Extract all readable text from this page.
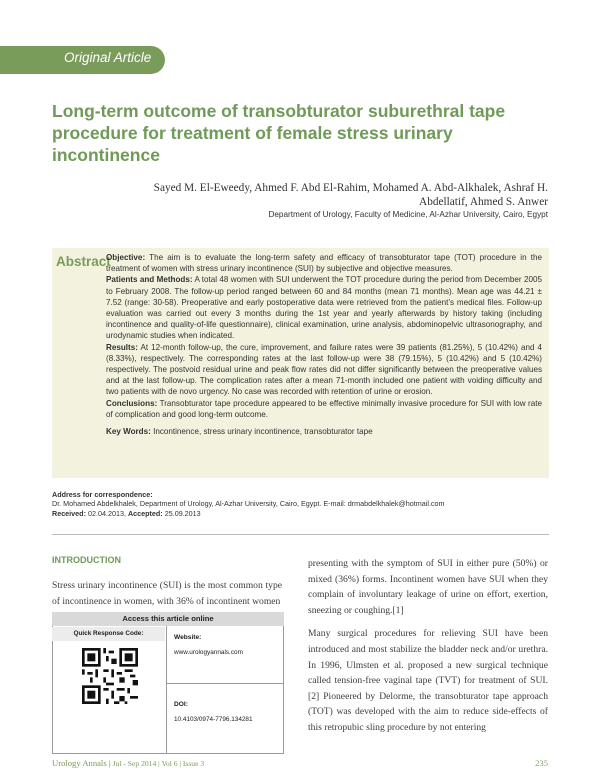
Original Article
Long-term outcome of transobturator suburethral tape procedure for treatment of female stress urinary incontinence
Sayed M. El-Eweedy, Ahmed F. Abd El-Rahim, Mohamed A. Abd-Alkhalek, Ashraf H. Abdellatif, Ahmed S. Anwer
Department of Urology, Faculty of Medicine, Al-Azhar University, Cairo, Egypt
Abstract

Objective: The aim is to evaluate the long-term safety and efficacy of transobturator tape (TOT) procedure in the treatment of women with stress urinary incontinence (SUI) by subjective and objective measures.

Patients and Methods: A total 48 women with SUI underwent the TOT procedure during the period from December 2005 to February 2008. The follow-up period ranged between 60 and 84 months (mean 71 months). Mean age was 44.21 ± 7.52 (range: 30-58). Preoperative and early postoperative data were retrieved from the patient’s medical files. Follow-up evaluation was carried out every 3 months during the 1st year and yearly afterwards by history taking (including incontinence and quality-of-life questionnaire), clinical examination, urine analysis, abdominopelvic ultrasonography, and urodynamic studies when indicated.

Results: At 12-month follow-up, the cure, improvement, and failure rates were 39 patients (81.25%), 5 (10.42%) and 4 (8.33%), respectively. The corresponding rates at the last follow-up were 38 (79.15%), 5 (10.42%) and 5 (10.42%) respectively. The postvoid residual urine and peak flow rates did not differ significantly between the preoperative values and at the last follow-up. The complication rates after a mean 71-month included one patient with voiding difficulty and two patients with de novo urgency. No case was recorded with retention of urine or erosion.

Conclusions: Transobturator tape procedure appeared to be effective minimally invasive procedure for SUI with low rate of complication and good long-term outcome.

Key Words: Incontinence, stress urinary incontinence, transobturator tape

Address for correspondence:
Dr. Mohamed Abdelkhalek, Department of Urology, Al-Azhar University, Cairo, Egypt. E-mail: drmabdelkhalek@hotmail.com
Received: 02.04.2013, Accepted: 25.09.2013
INTRODUCTION
Stress urinary incontinence (SUI) is the most common type of incontinence in women, with 36% of incontinent women

presenting with the symptom of SUI in either pure (50%) or mixed (36%) forms. Incontinent women have SUI when they complain of involuntary leakage of urine on effort, exertion, sneezing or coughing.[1]

Many surgical procedures for relieving SUI have been introduced and most stabilize the bladder neck and/or urethra. In 1996, Ulmsten et al. proposed a new surgical technique called tension-free vaginal tape (TVT) for treatment of SUI.[2] Pioneered by Delorme, the transobturator tape approach (TOT) was developed with the aim to reduce side-effects of this retropubic sling procedure by not entering

Access this article online
Quick Response Code:
Website:
www.urologyannals.com
DOI:
10.4103/0974-7796.134281
Urology Annals | Jul - Sep 2014 | Vol 6 | Issue 3	235
